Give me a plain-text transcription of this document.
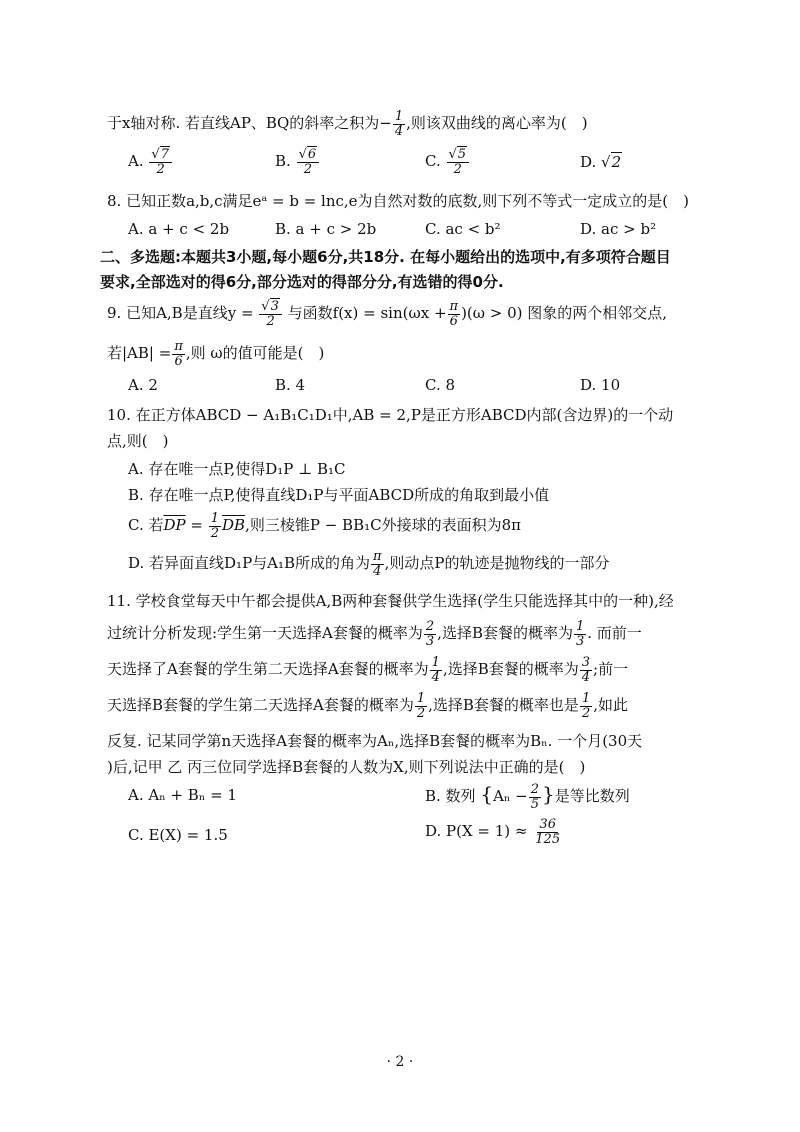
于x轴对称. 若直线AP、BQ的斜率之积为− $\frac{1}{4}$ ,则该双曲线的离心率为(　)
A. $\frac{√7}{2}$	B. $\frac{√6}{2}$	C. $\frac{√5}{2}$	D. √2
8. 已知正数a,b,c满足eᵃ = b = lnc,e为自然对数的底数,则下列不等式一定成立的是(　)
A. a + c < 2b	B. a + c > 2b	C. ac < b²	D. ac > b²
二、多选题:本题共3小题,每小题6分,共18分. 在每小题给出的选项中,有多项符合题目
要求,全部选对的得6分,部分选对的得部分分,有选错的得0分.
9. 已知A,B是直线$y = \frac{√3}{2}$ 与函数$f(x) = \sin(\omega x + \frac{\pi}{6} )(\omega > 0)$ 图象的两个相邻交点,
若$|AB| = \frac{\pi}{6}$ ,则 ω的值可能是(　)
A. 2	B. 4	C. 8	D. 10
10. 在正方体ABCD − A₁B₁C₁D₁中,AB = 2,P是正方形ABCD内部(含边界)的一个动
点,则(　)
A. 存在唯一点P,使得D₁P ⊥ B₁C
B. 存在唯一点P,使得直线D₁P与平面ABCD所成的角取到最小值
C. 若$\overline{DP} = \frac{1}{2} \overline{DB}$,则三棱锥P − BB₁C外接球的表面积为8π
D. 若异面直线D₁P与A₁B所成的角为 $\frac{\pi}{4}$ ,则动点P的轨迹是抛物线的一部分
11. 学校食堂每天中午都会提供A,B两种套餐供学生选择(学生只能选择其中的一种),经
过统计分析发现:学生第一天选择A套餐的概率为 $\frac{2}{3}$ ,选择B套餐的概率为 $\frac{1}{3}$ . 而前一
天选择了A套餐的学生第二天选择A套餐的概率为 $\frac{1}{4}$ ,选择B套餐的概率为 $\frac{3}{4}$ ;前一
天选择B套餐的学生第二天选择A套餐的概率为 $\frac{1}{2}$ ,选择B套餐的概率也是 $\frac{1}{2}$ ,如此
反复. 记某同学第n天选择A套餐的概率为Aₙ,选择B套餐的概率为Bₙ. 一个月(30天
)后,记甲 乙 丙三位同学选择B套餐的人数为X,则下列说法中正确的是(　)
A. Aₙ + Bₙ = 1	B. 数列 {$A_n - \frac{2}{5}$ }是等比数列
C. E(X) = 1.5	D. $P(X = 1) \approx \frac{36}{125}$
· 2 ·
